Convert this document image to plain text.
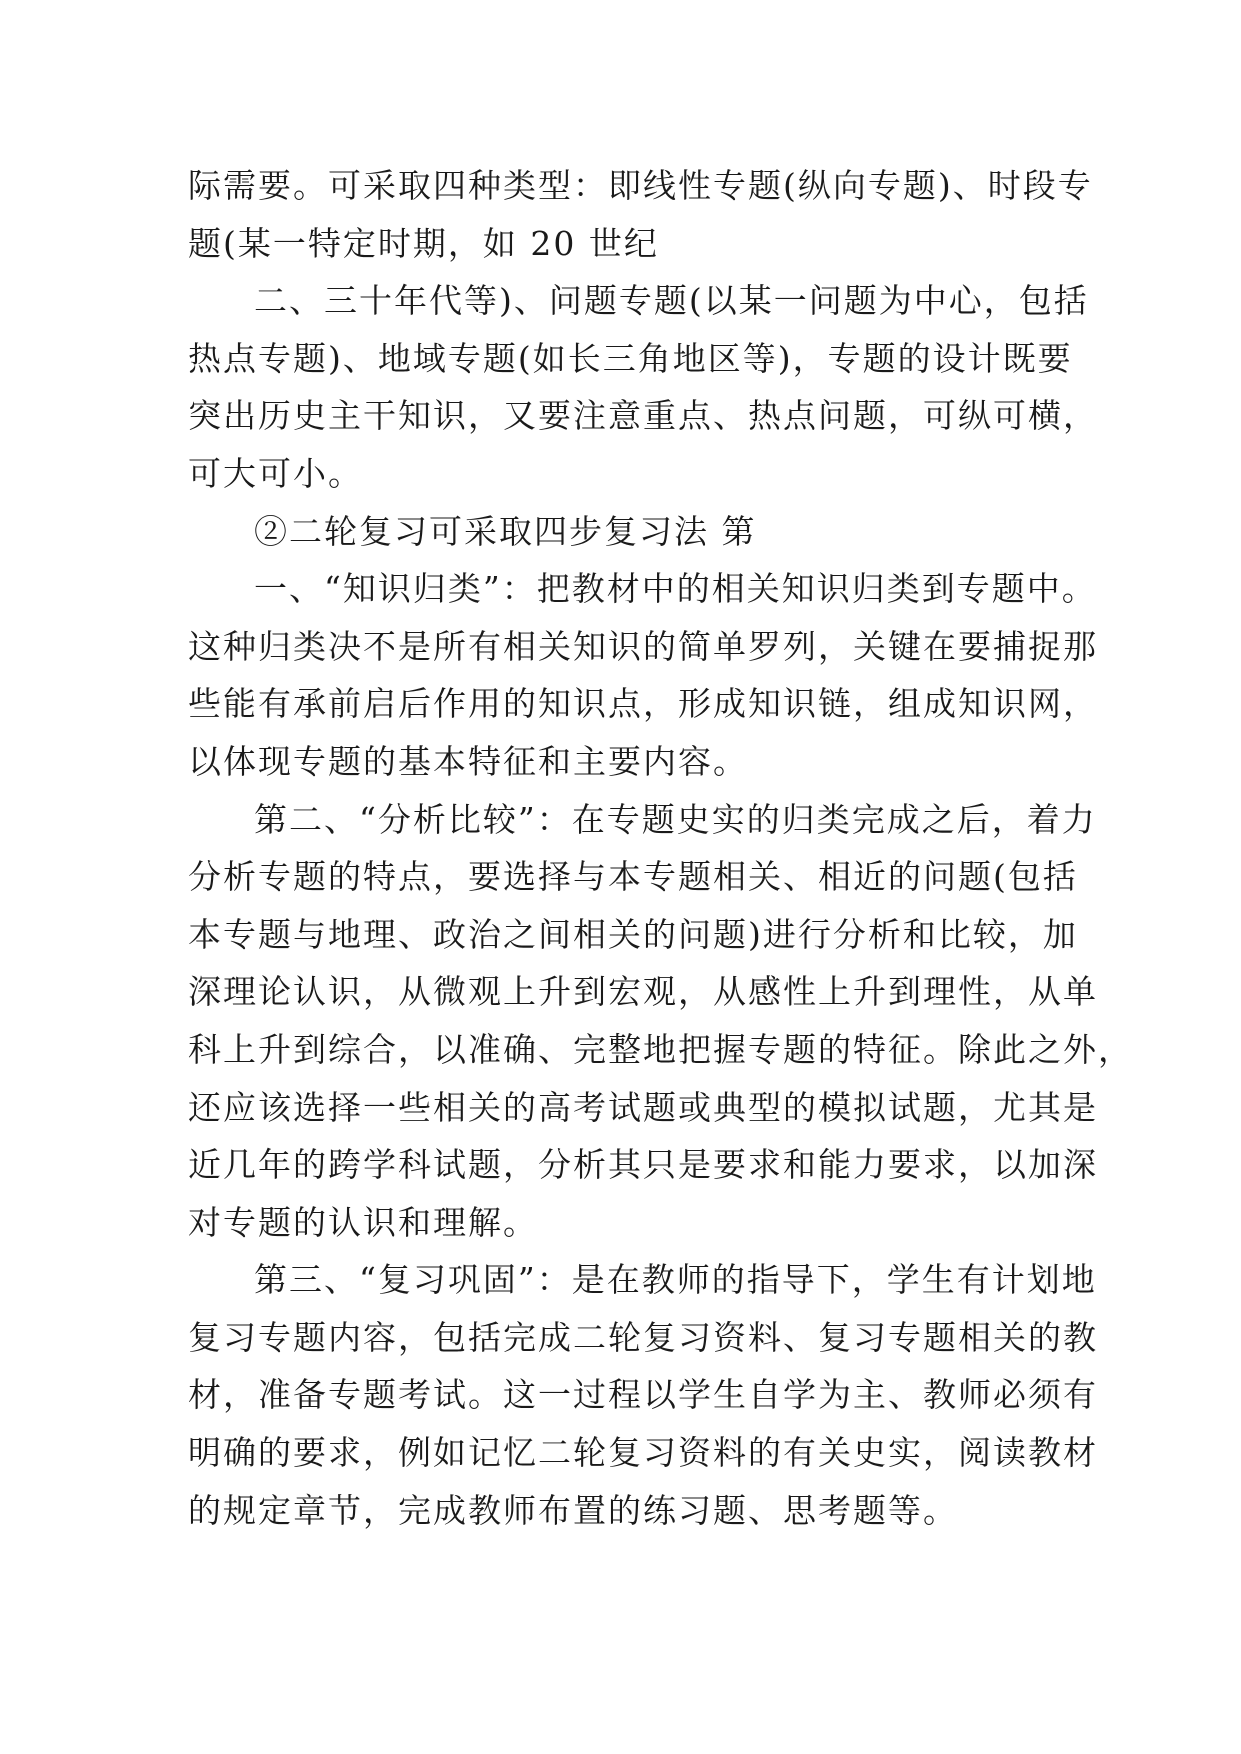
际需要。可采取四种类型：即线性专题(纵向专题)、时段专
题(某一特定时期，如 20 世纪
二、三十年代等)、问题专题(以某一问题为中心，包括
热点专题)、地域专题(如长三角地区等)，专题的设计既要
突出历史主干知识，又要注意重点、热点问题，可纵可横，
可大可小。
②二轮复习可采取四步复习法 第
一、“知识归类”：把教材中的相关知识归类到专题中。
这种归类决不是所有相关知识的简单罗列，关键在要捕捉那
些能有承前启后作用的知识点，形成知识链，组成知识网，
以体现专题的基本特征和主要内容。
第二、“分析比较”：在专题史实的归类完成之后，着力
分析专题的特点，要选择与本专题相关、相近的问题(包括
本专题与地理、政治之间相关的问题)进行分析和比较，加
深理论认识，从微观上升到宏观，从感性上升到理性，从单
科上升到综合，以准确、完整地把握专题的特征。除此之外，
还应该选择一些相关的高考试题或典型的模拟试题，尤其是
近几年的跨学科试题，分析其只是要求和能力要求，以加深
对专题的认识和理解。
第三、“复习巩固”：是在教师的指导下，学生有计划地
复习专题内容，包括完成二轮复习资料、复习专题相关的教
材，准备专题考试。这一过程以学生自学为主、教师必须有
明确的要求，例如记忆二轮复习资料的有关史实，阅读教材
的规定章节，完成教师布置的练习题、思考题等。
